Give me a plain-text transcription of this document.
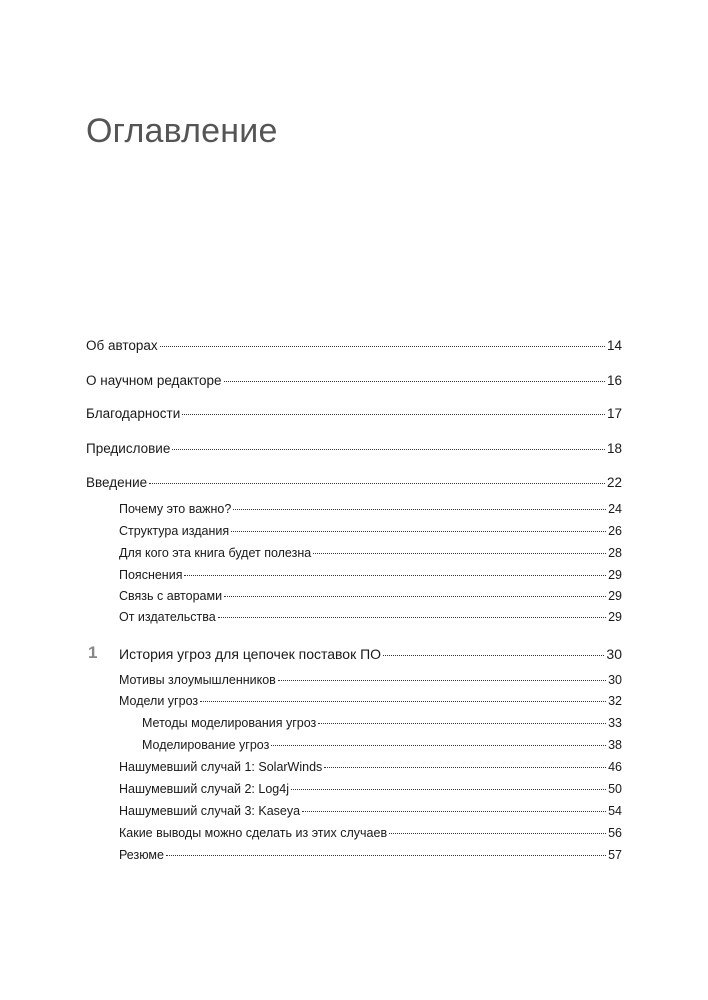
Оглавление
Об авторах	14
О научном редакторе	16
Благодарности	17
Предисловие	18
Введение	22
Почему это важно?	24
Структура издания	26
Для кого эта книга будет полезна	28
Пояснения	29
Связь с авторами	29
От издательства	29
1 История угроз для цепочек поставок ПО	30
Мотивы злоумышленников	30
Модели угроз	32
Методы моделирования угроз	33
Моделирование угроз	38
Нашумевший случай 1: SolarWinds	46
Нашумевший случай 2: Log4j	50
Нашумевший случай 3: Kaseya	54
Какие выводы можно сделать из этих случаев	56
Резюме	57
